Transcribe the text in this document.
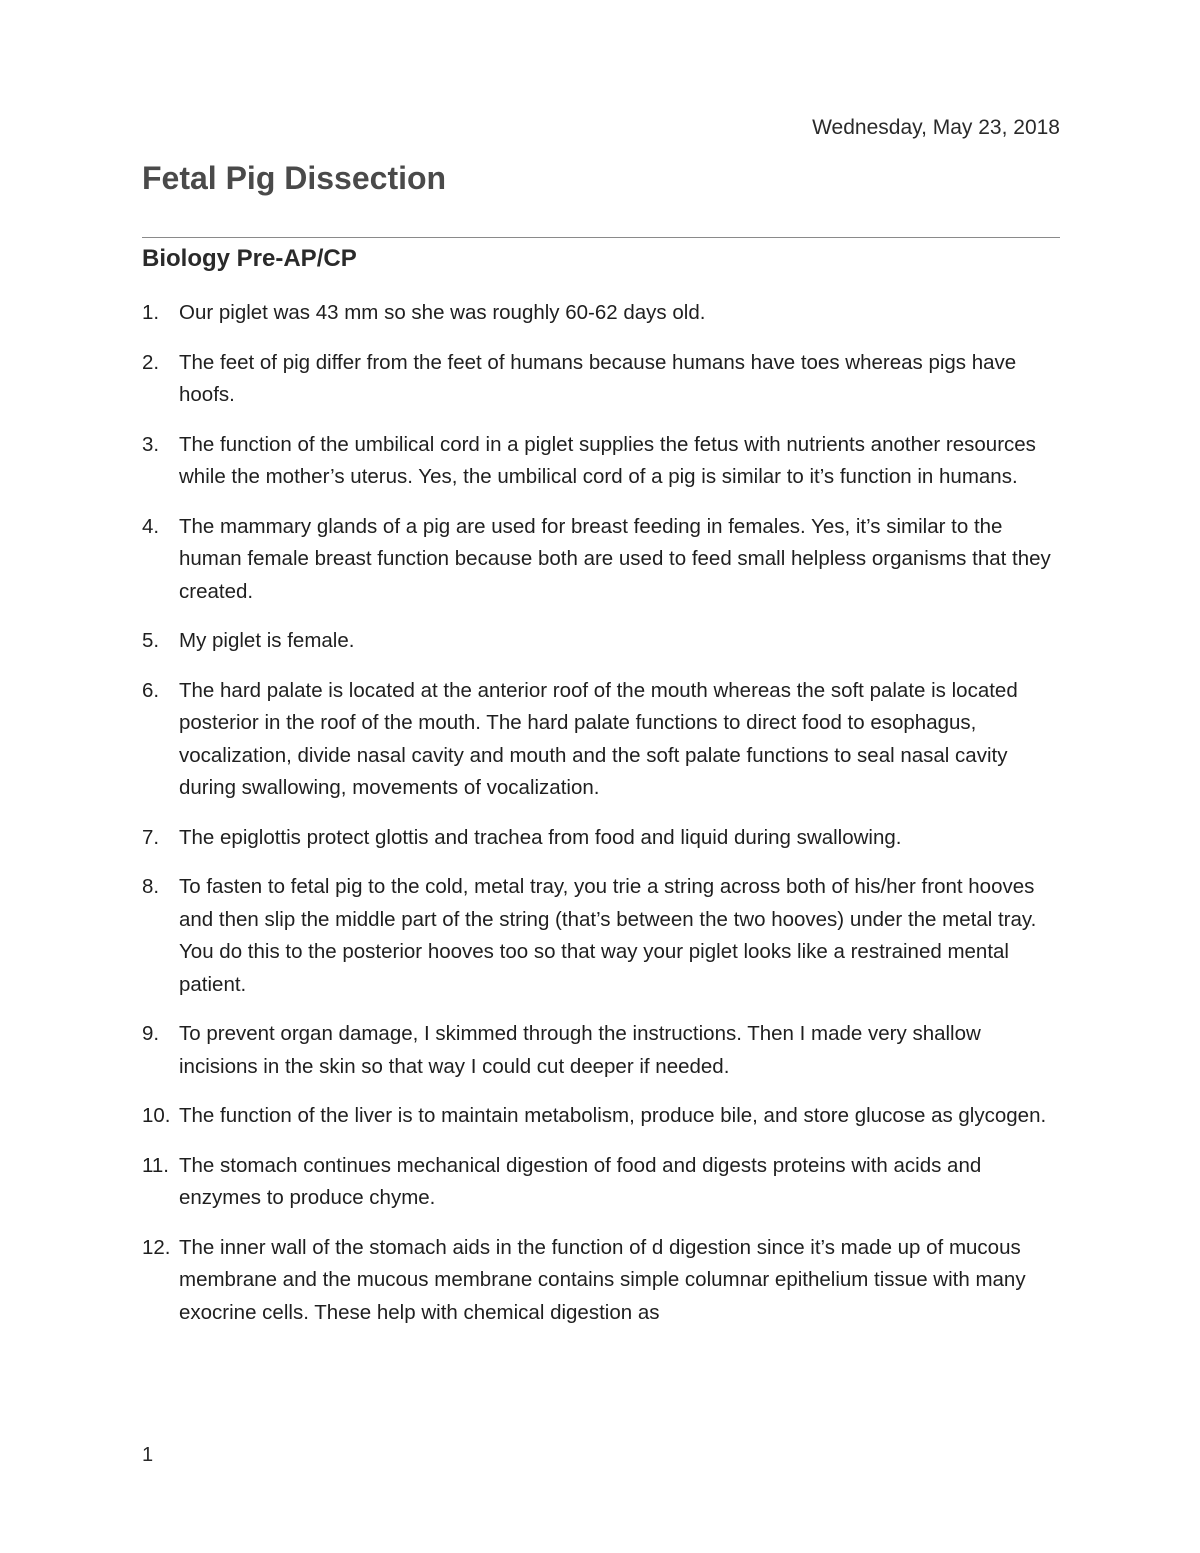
Wednesday, May 23, 2018
Fetal Pig Dissection
Biology Pre-AP/CP
1. Our piglet was 43 mm so she was roughly 60-62 days old.
2. The feet of pig differ from the feet of humans because humans have toes whereas pigs have hoofs.
3. The function of the umbilical cord in a piglet supplies the fetus with nutrients another resources while the mother’s uterus. Yes, the umbilical cord of a pig is similar to it’s function in humans.
4. The mammary glands of a pig are used for breast feeding in females. Yes, it’s similar to the human female breast function because both are used to feed small helpless organisms that they created.
5. My piglet is female.
6. The hard palate is located at the anterior roof of the mouth whereas the soft palate is located posterior in the roof of the mouth. The hard palate functions to direct food to esophagus, vocalization, divide nasal cavity and mouth and the soft palate functions to seal nasal cavity during swallowing, movements of vocalization.
7. The epiglottis protect glottis and trachea from food and liquid during swallowing.
8. To fasten to fetal pig to the cold, metal tray, you trie a string across both of his/her front hooves and then slip the middle part of the string (that’s between the two hooves) under the metal tray. You do this to the posterior hooves too so that way your piglet looks like a restrained mental patient.
9. To prevent organ damage, I skimmed through the instructions. Then I made very shallow incisions in the skin so that way I could cut deeper if needed.
10. The function of the liver is to maintain metabolism, produce bile, and store glucose as glycogen.
11. The stomach continues mechanical digestion of food and digests proteins with acids and enzymes to produce chyme.
12. The inner wall of the stomach aids in the function of d digestion since it’s made up of mucous membrane and the mucous membrane contains simple columnar epithelium tissue with many exocrine cells. These help with chemical digestion as
1
